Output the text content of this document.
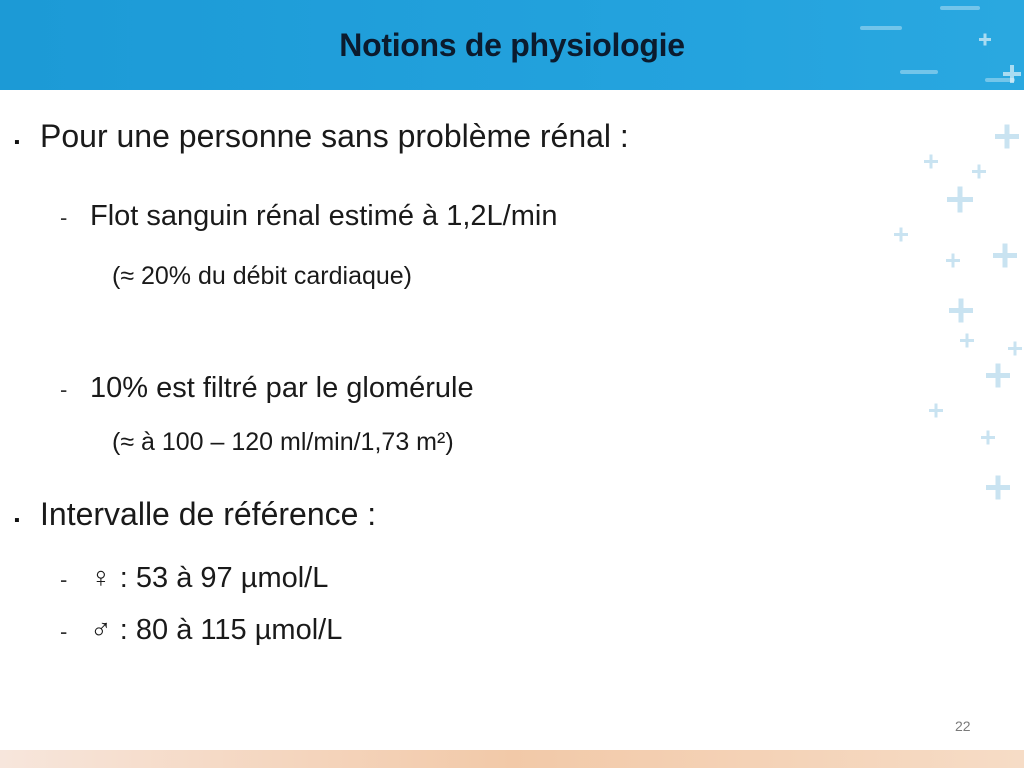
Notions de physiologie
▪ Pour une personne sans problème rénal :
- Flot sanguin rénal estimé à 1,2L/min
(≈ 20% du débit cardiaque)
- 10% est filtré par le glomérule
(≈ à 100 – 120 ml/min/1,73 m²)
▪ Intervalle de référence :
- ♀ : 53 à 97 µmol/L
- ♂ : 80 à 115 µmol/L
22
